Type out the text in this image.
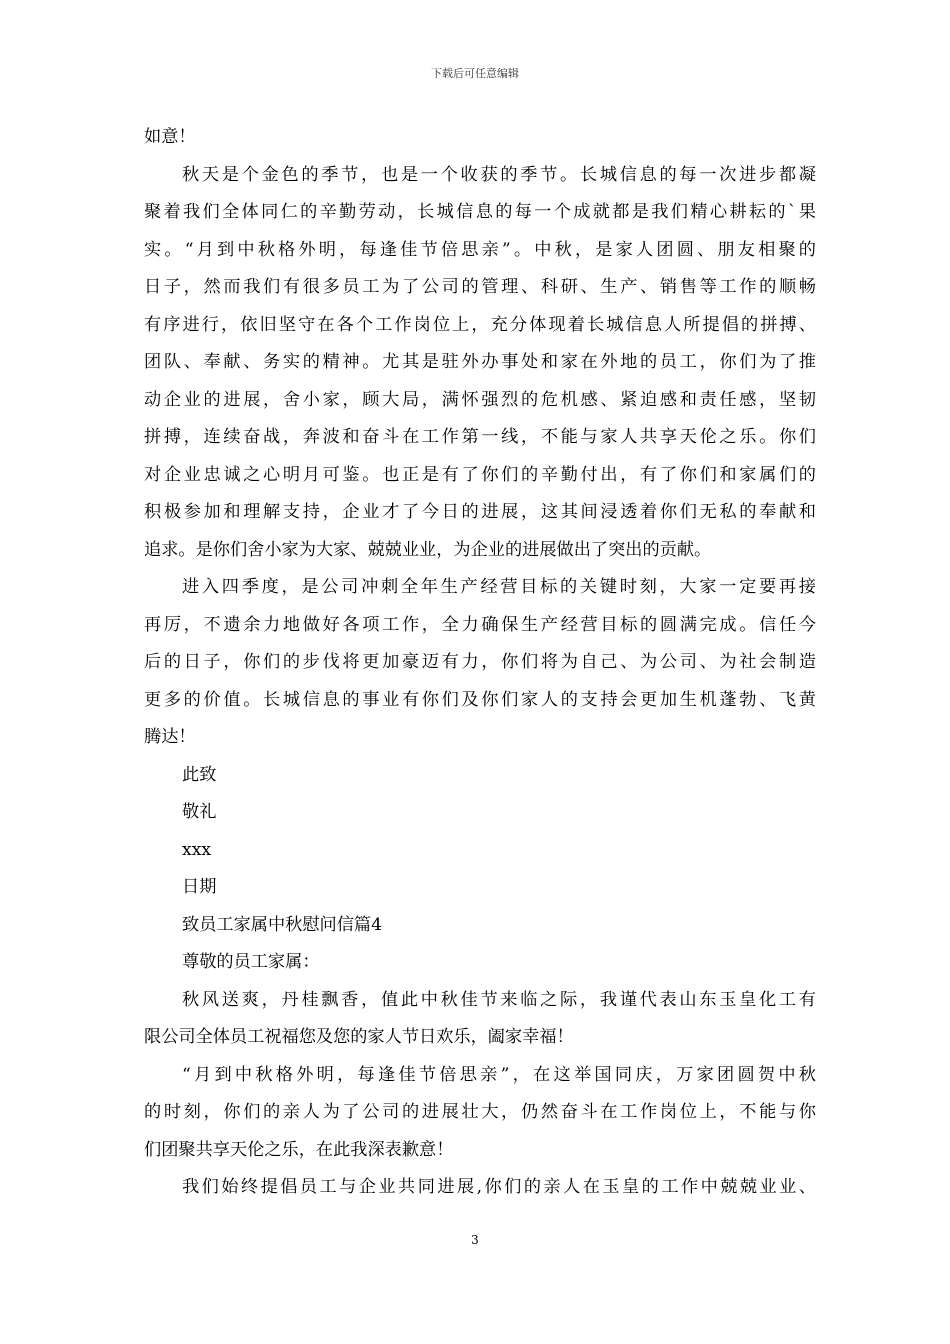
下载后可任意编辑
如意！
秋天是个金色的季节，也是一个收获的季节。长城信息的每一次进步都凝
聚着我们全体同仁的辛勤劳动，长城信息的每一个成就都是我们精心耕耘的`果
实。“月到中秋格外明，每逢佳节倍思亲”。中秋，是家人团圆、朋友相聚的
日子，然而我们有很多员工为了公司的管理、科研、生产、销售等工作的顺畅
有序进行，依旧坚守在各个工作岗位上，充分体现着长城信息人所提倡的拼搏、
团队、奉献、务实的精神。尤其是驻外办事处和家在外地的员工，你们为了推
动企业的进展，舍小家，顾大局，满怀强烈的危机感、紧迫感和责任感，坚韧
拼搏，连续奋战，奔波和奋斗在工作第一线，不能与家人共享天伦之乐。你们
对企业忠诚之心明月可鉴。也正是有了你们的辛勤付出，有了你们和家属们的
积极参加和理解支持，企业才了今日的进展，这其间浸透着你们无私的奉献和
追求。是你们舍小家为大家、兢兢业业，为企业的进展做出了突出的贡献。
进入四季度，是公司冲刺全年生产经营目标的关键时刻，大家一定要再接
再厉，不遗余力地做好各项工作，全力确保生产经营目标的圆满完成。信任今
后的日子，你们的步伐将更加豪迈有力，你们将为自己、为公司、为社会制造
更多的价值。长城信息的事业有你们及你们家人的支持会更加生机蓬勃、飞黄
腾达！
此致
敬礼
xxx
日期
致员工家属中秋慰问信篇4
尊敬的员工家属：
秋风送爽，丹桂飘香，值此中秋佳节来临之际，我谨代表山东玉皇化工有
限公司全体员工祝福您及您的家人节日欢乐，阖家幸福！
“月到中秋格外明，每逢佳节倍思亲”，在这举国同庆，万家团圆贺中秋
的时刻，你们的亲人为了公司的进展壮大，仍然奋斗在工作岗位上，不能与你
们团聚共享天伦之乐，在此我深表歉意！
我们始终提倡员工与企业共同进展,你们的亲人在玉皇的工作中兢兢业业、
3
